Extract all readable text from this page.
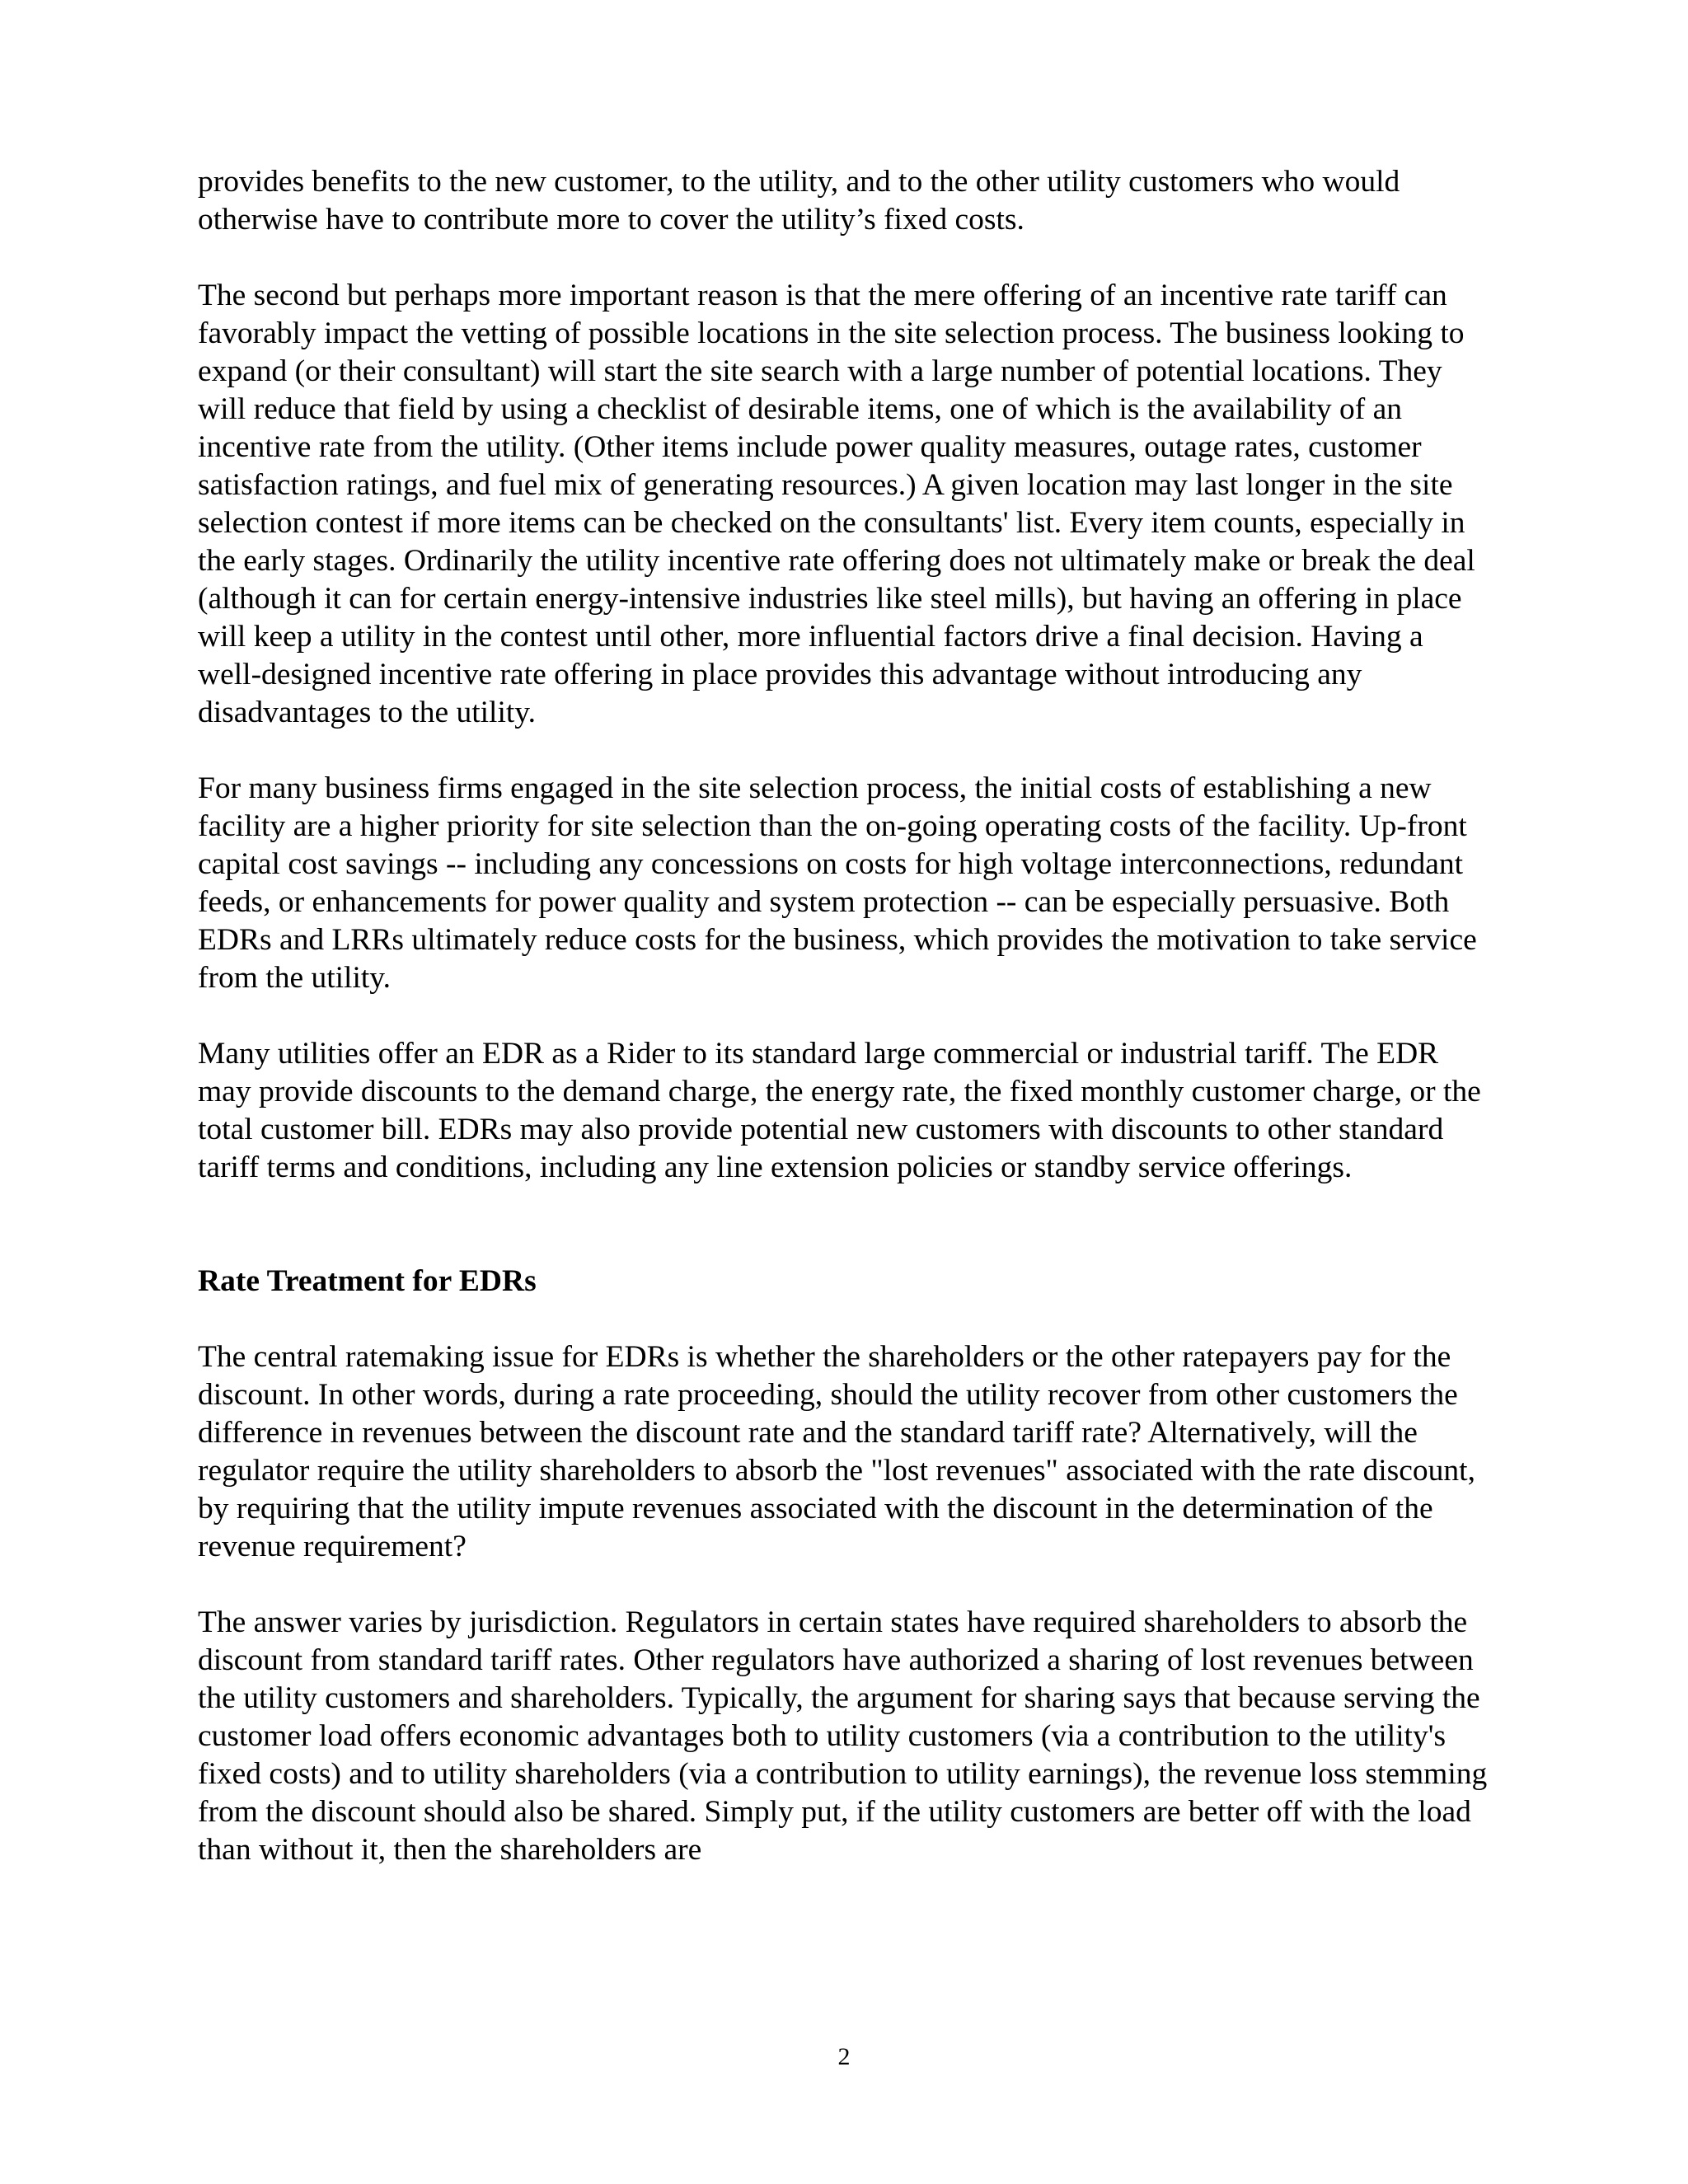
provides benefits to the new customer, to the utility, and to the other utility customers who would otherwise have to contribute more to cover the utility’s fixed costs.

The second but perhaps more important reason is that the mere offering of an incentive rate tariff can favorably impact the vetting of possible locations in the site selection process. The business looking to expand (or their consultant) will start the site search with a large number of potential locations. They will reduce that field by using a checklist of desirable items, one of which is the availability of an incentive rate from the utility. (Other items include power quality measures, outage rates, customer satisfaction ratings, and fuel mix of generating resources.) A given location may last longer in the site selection contest if more items can be checked on the consultants' list. Every item counts, especially in the early stages. Ordinarily the utility incentive rate offering does not ultimately make or break the deal (although it can for certain energy-intensive industries like steel mills), but having an offering in place will keep a utility in the contest until other, more influential factors drive a final decision. Having a well-designed incentive rate offering in place provides this advantage without introducing any disadvantages to the utility.

For many business firms engaged in the site selection process, the initial costs of establishing a new facility are a higher priority for site selection than the on-going operating costs of the facility. Up-front capital cost savings -- including any concessions on costs for high voltage interconnections, redundant feeds, or enhancements for power quality and system protection -- can be especially persuasive. Both EDRs and LRRs ultimately reduce costs for the business, which provides the motivation to take service from the utility.

Many utilities offer an EDR as a Rider to its standard large commercial or industrial tariff. The EDR may provide discounts to the demand charge, the energy rate, the fixed monthly customer charge, or the total customer bill. EDRs may also provide potential new customers with discounts to other standard tariff terms and conditions, including any line extension policies or standby service offerings.

Rate Treatment for EDRs

The central ratemaking issue for EDRs is whether the shareholders or the other ratepayers pay for the discount. In other words, during a rate proceeding, should the utility recover from other customers the difference in revenues between the discount rate and the standard tariff rate? Alternatively, will the regulator require the utility shareholders to absorb the "lost revenues" associated with the rate discount, by requiring that the utility impute revenues associated with the discount in the determination of the revenue requirement?

The answer varies by jurisdiction. Regulators in certain states have required shareholders to absorb the discount from standard tariff rates. Other regulators have authorized a sharing of lost revenues between the utility customers and shareholders. Typically, the argument for sharing says that because serving the customer load offers economic advantages both to utility customers (via a contribution to the utility's fixed costs) and to utility shareholders (via a contribution to utility earnings), the revenue loss stemming from the discount should also be shared. Simply put, if the utility customers are better off with the load than without it, then the shareholders are

2
